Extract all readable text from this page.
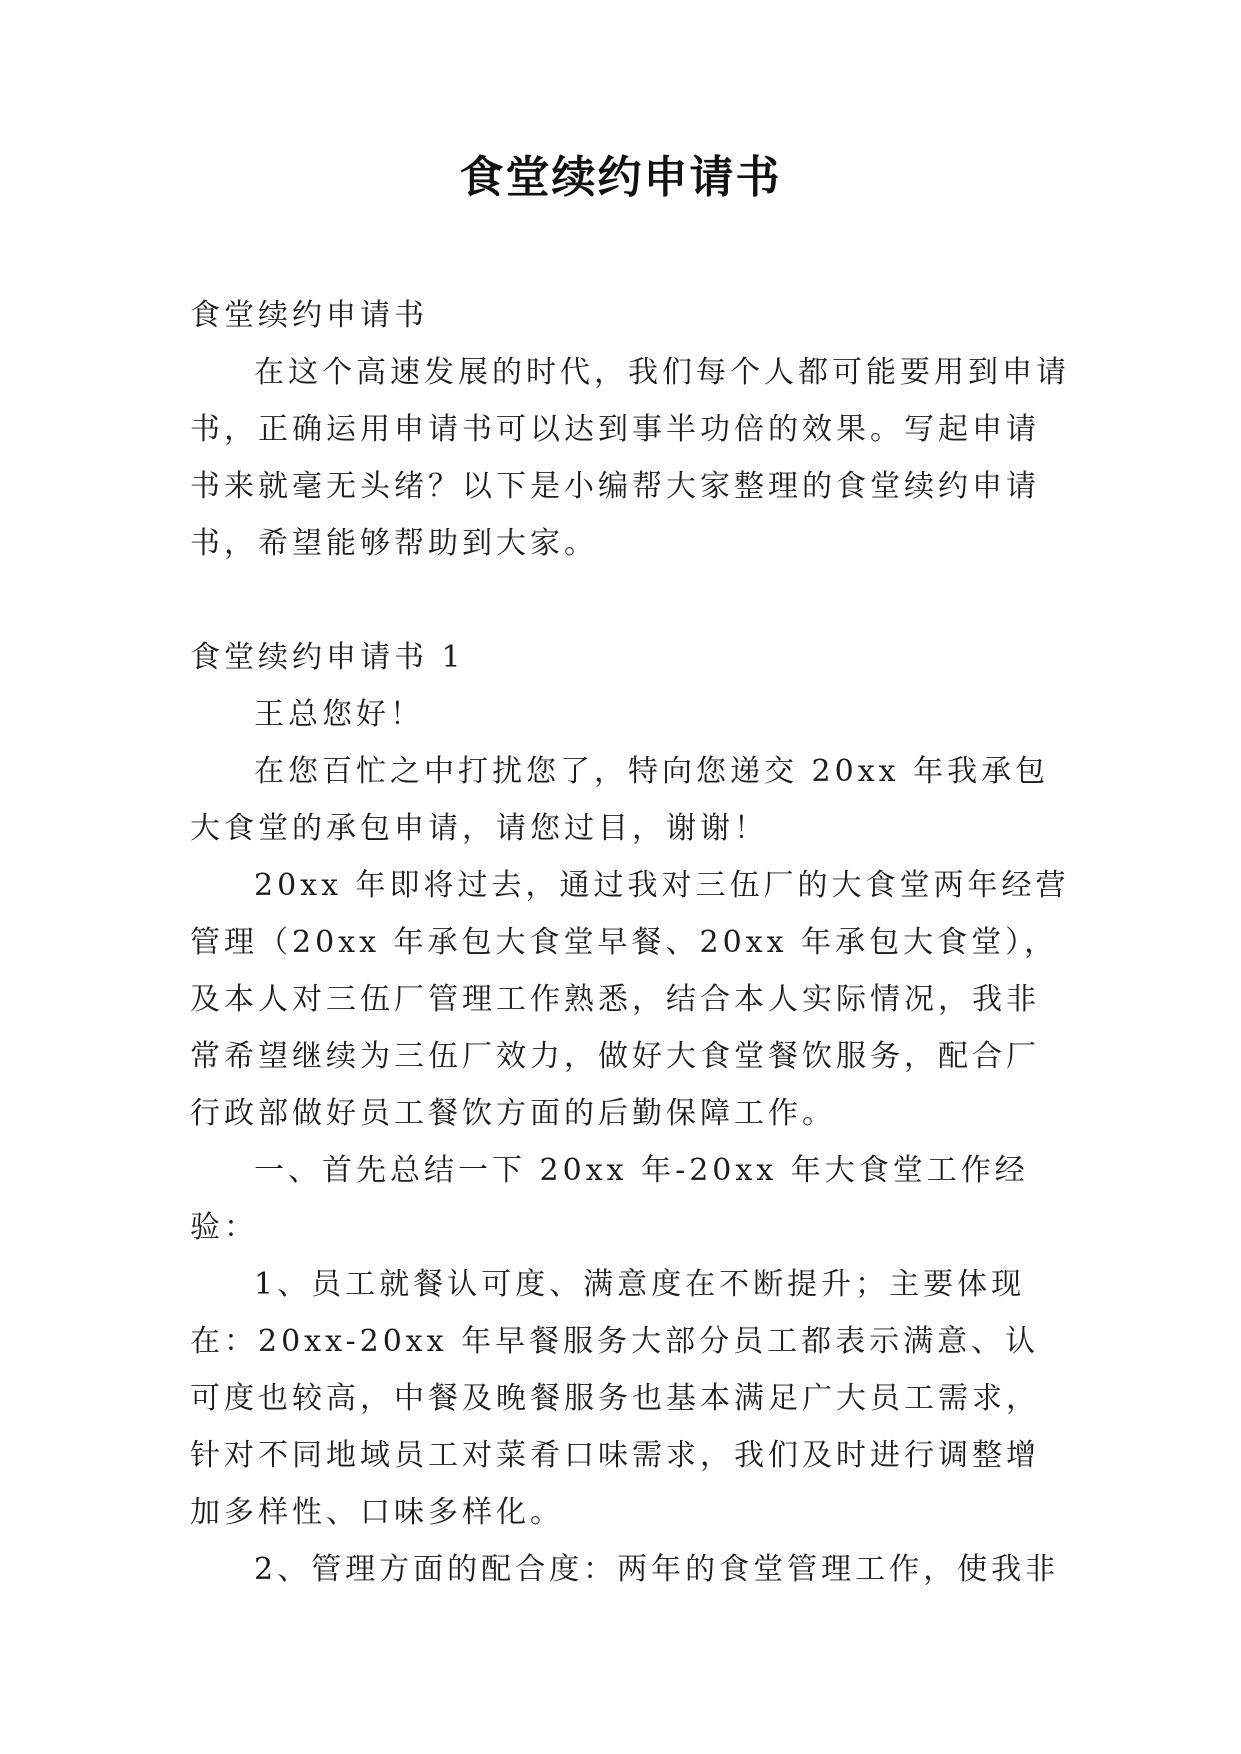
食堂续约申请书

食堂续约申请书

在这个高速发展的时代，我们每个人都可能要用到申请书，正确运用申请书可以达到事半功倍的效果。写起申请书来就毫无头绪？以下是小编帮大家整理的食堂续约申请书，希望能够帮助到大家。

食堂续约申请书 1

王总您好！

在您百忙之中打扰您了，特向您递交 20xx 年我承包大食堂的承包申请，请您过目，谢谢！

20xx 年即将过去，通过我对三伍厂的大食堂两年经营管理（20xx 年承包大食堂早餐、20xx 年承包大食堂），及本人对三伍厂管理工作熟悉，结合本人实际情况，我非常希望继续为三伍厂效力，做好大食堂餐饮服务，配合厂行政部做好员工餐饮方面的后勤保障工作。

一、首先总结一下 20xx 年-20xx 年大食堂工作经验：

1、员工就餐认可度、满意度在不断提升；主要体现在：20xx-20xx 年早餐服务大部分员工都表示满意、认可度也较高，中餐及晚餐服务也基本满足广大员工需求，针对不同地域员工对菜肴口味需求，我们及时进行调整增加多样性、口味多样化。

2、管理方面的配合度：两年的食堂管理工作，使我非
